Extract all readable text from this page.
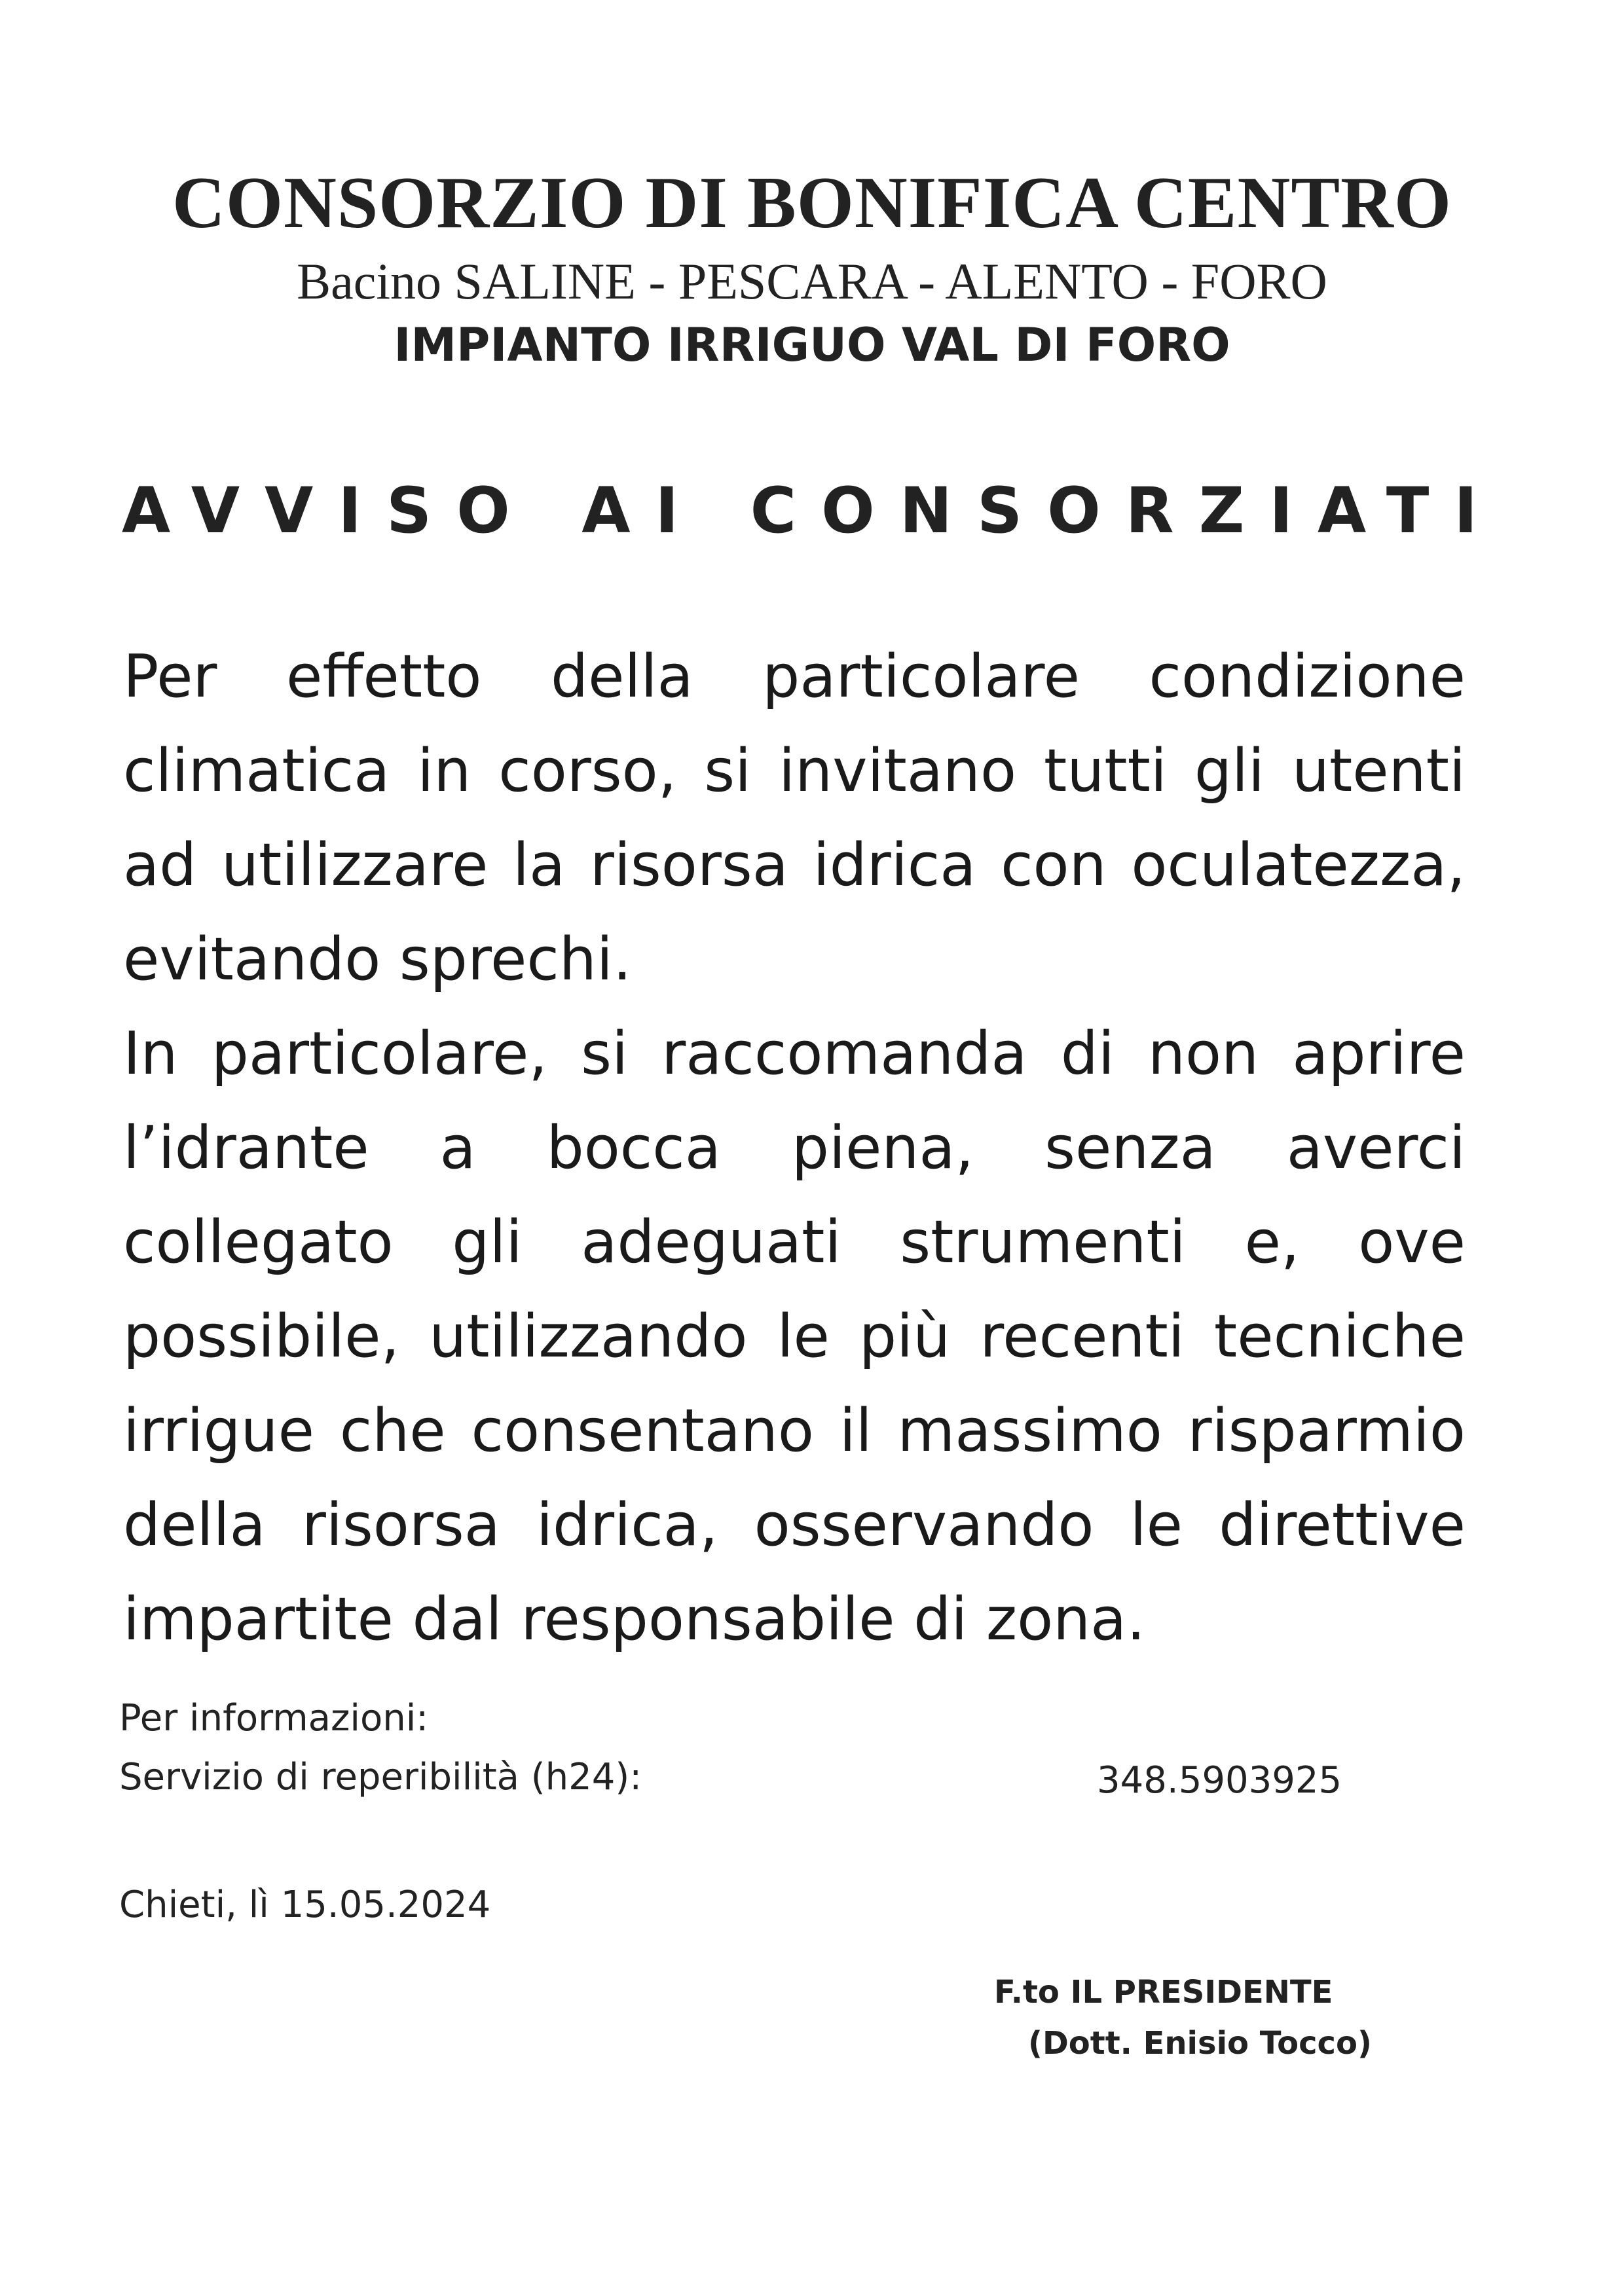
CONSORZIO DI BONIFICA CENTRO
Bacino SALINE - PESCARA - ALENTO - FORO
IMPIANTO IRRIGUO VAL DI FORO
AVVISO AI CONSORZIATI

Per effetto della particolare condizione climatica in corso, si invitano tutti gli utenti ad utilizzare la risorsa idrica con oculatezza, evitando sprechi.

In particolare, si raccomanda di non aprire l’idrante a bocca piena, senza averci collegato gli adeguati strumenti e, ove possibile, utilizzando le più recenti tecniche irrigue che consentano il massimo risparmio della risorsa idrica, osservando le direttive impartite dal responsabile di zona.

Per informazioni:
Servizio di reperibilità (h24):	348.5903925
Chieti, lì 15.05.2024
F.to IL PRESIDENTE
(Dott. Enisio Tocco)
